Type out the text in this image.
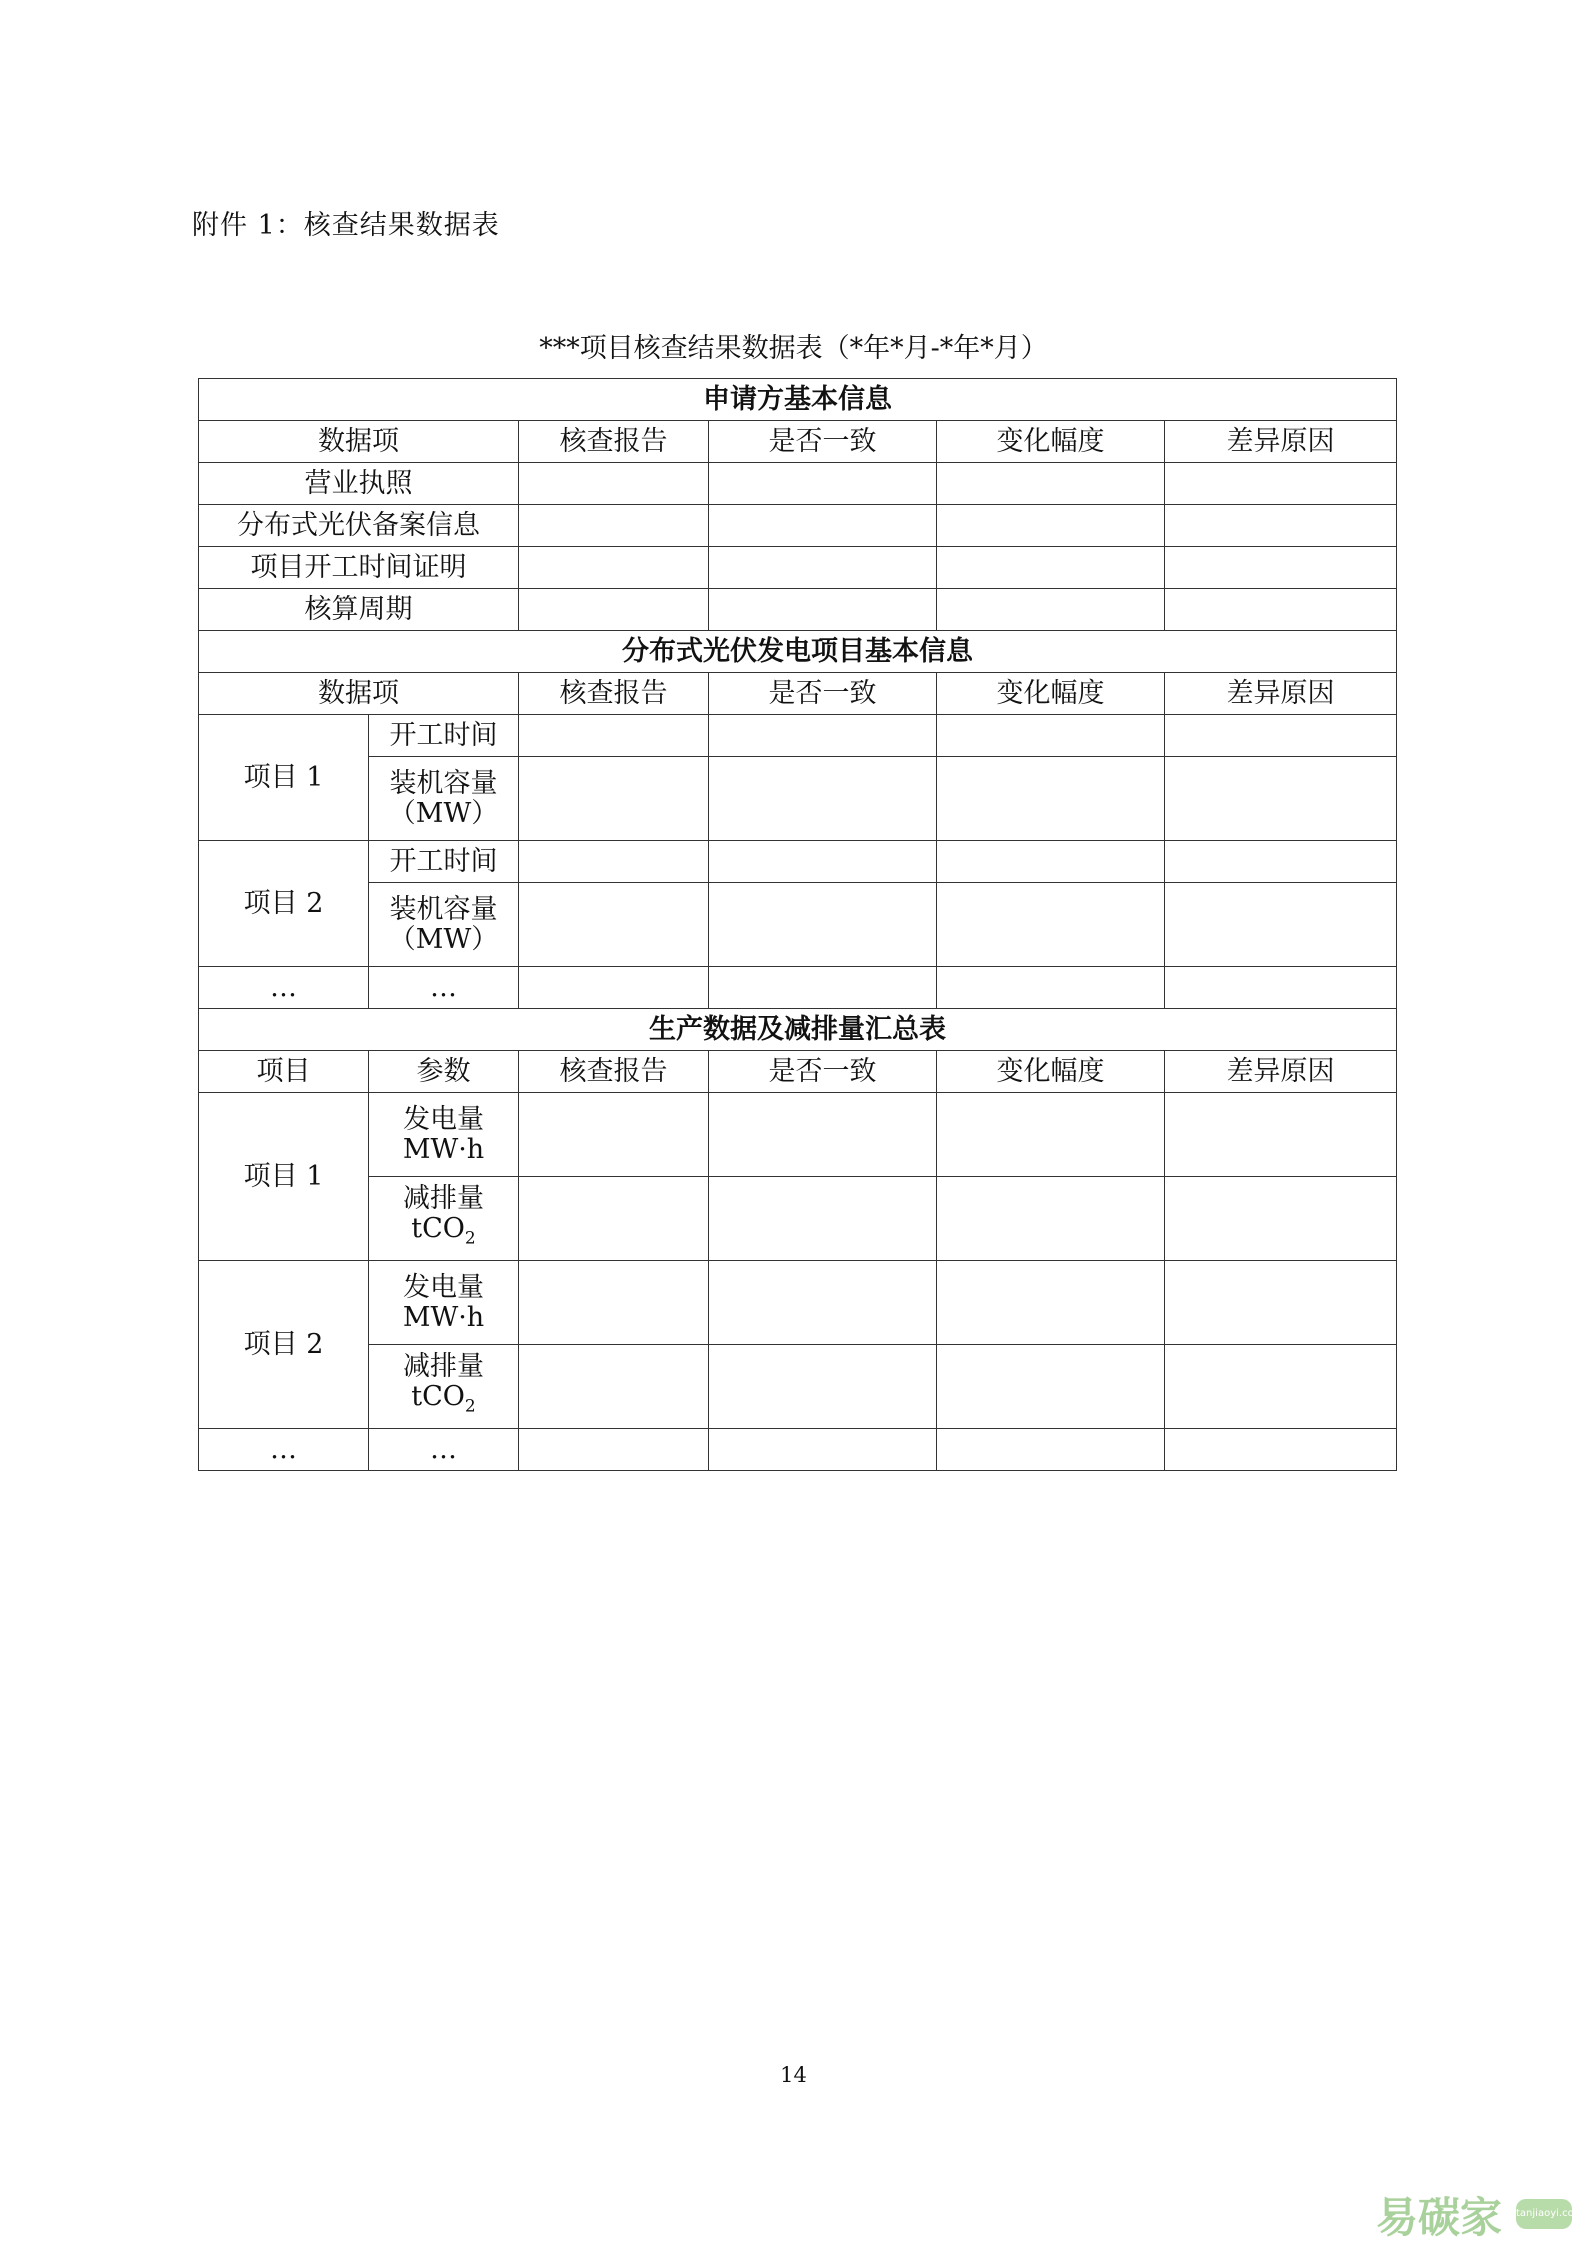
附件 1：核查结果数据表
***项目核查结果数据表（*年*月-*年*月）
申请方基本信息					
数据项		核查报告	是否一致	变化幅度	差异原因
营业执照					
分布式光伏备案信息					
项目开工时间证明					
核算周期					
分布式光伏发电项目基本信息					
数据项		核查报告	是否一致	变化幅度	差异原因
项目 1	开工时间				
	装机容量
（MW）				
项目 2	开工时间				
	装机容量
（MW）				
…	…				
生产数据及减排量汇总表					
项目	参数	核查报告	是否一致	变化幅度	差异原因
项目 1	发电量
MW·h				
	减排量
tCO$_2$				
项目 2	发电量
MW·h				
	减排量
tCO$_2$				
…	…				
14
易碳家 tanjiaoyi.com
